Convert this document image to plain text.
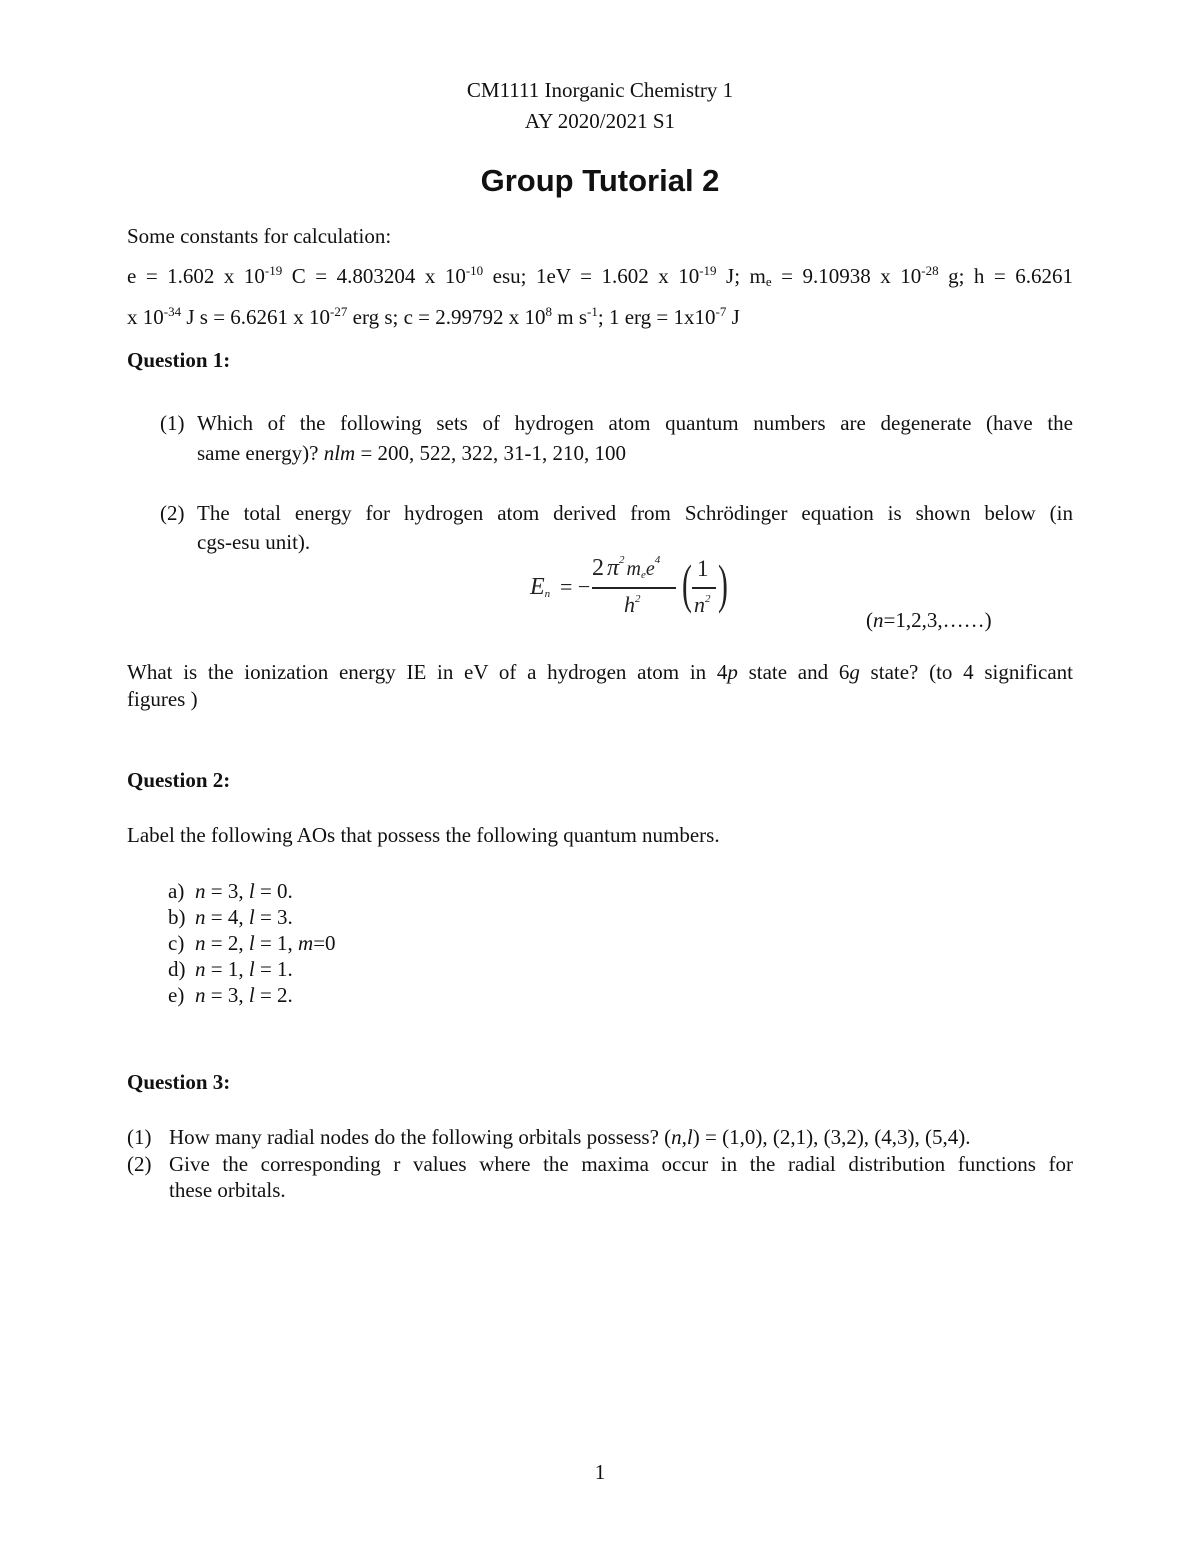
CM1111 Inorganic Chemistry 1
AY 2020/2021 S1
Group Tutorial 2
Some constants for calculation:
e = 1.602 x $10^{-19}$ C = 4.803204 x $10^{-10}$ esu; 1eV = 1.602 x $10^{-19}$ J; $m_e = 9.10938$ x $10^{-28}$ g; h = 6.6261
x $10^{-34}$ J s = 6.6261 x $10^{-27}$ erg s; c = 2.99792 x $10^8$ m $s^{-1}$; 1 erg = $1x10^{-7}$ J
Question 1:
(1) Which of the following sets of hydrogen atom quantum numbers are degenerate (have the
same energy)? nlm = 200, 522, 322, 31-1, 210, 100
(2) The total energy for hydrogen atom derived from Schrödinger equation is shown below (in
cgs-esu unit).
$E_n$ = −
2 $\pi^2$ $m_ee^4$
$h^2$ ( 1
$n^2$ )
(n=1,2,3,……)
What is the ionization energy IE in eV of a hydrogen atom in 4p state and 6g state? (to 4 significant
figures )
Question 2:
Label the following AOs that possess the following quantum numbers.
a) n = 3, l = 0.
b) n = 4, l = 3.
c) n = 2, l = 1, m=0
d) n = 1, l = 1.
e) n = 3, l = 2.
Question 3:
(1) How many radial nodes do the following orbitals possess? (n,l) = (1,0), (2,1), (3,2), (4,3), (5,4).
(2) Give the corresponding r values where the maxima occur in the radial distribution functions for
these orbitals.
1
